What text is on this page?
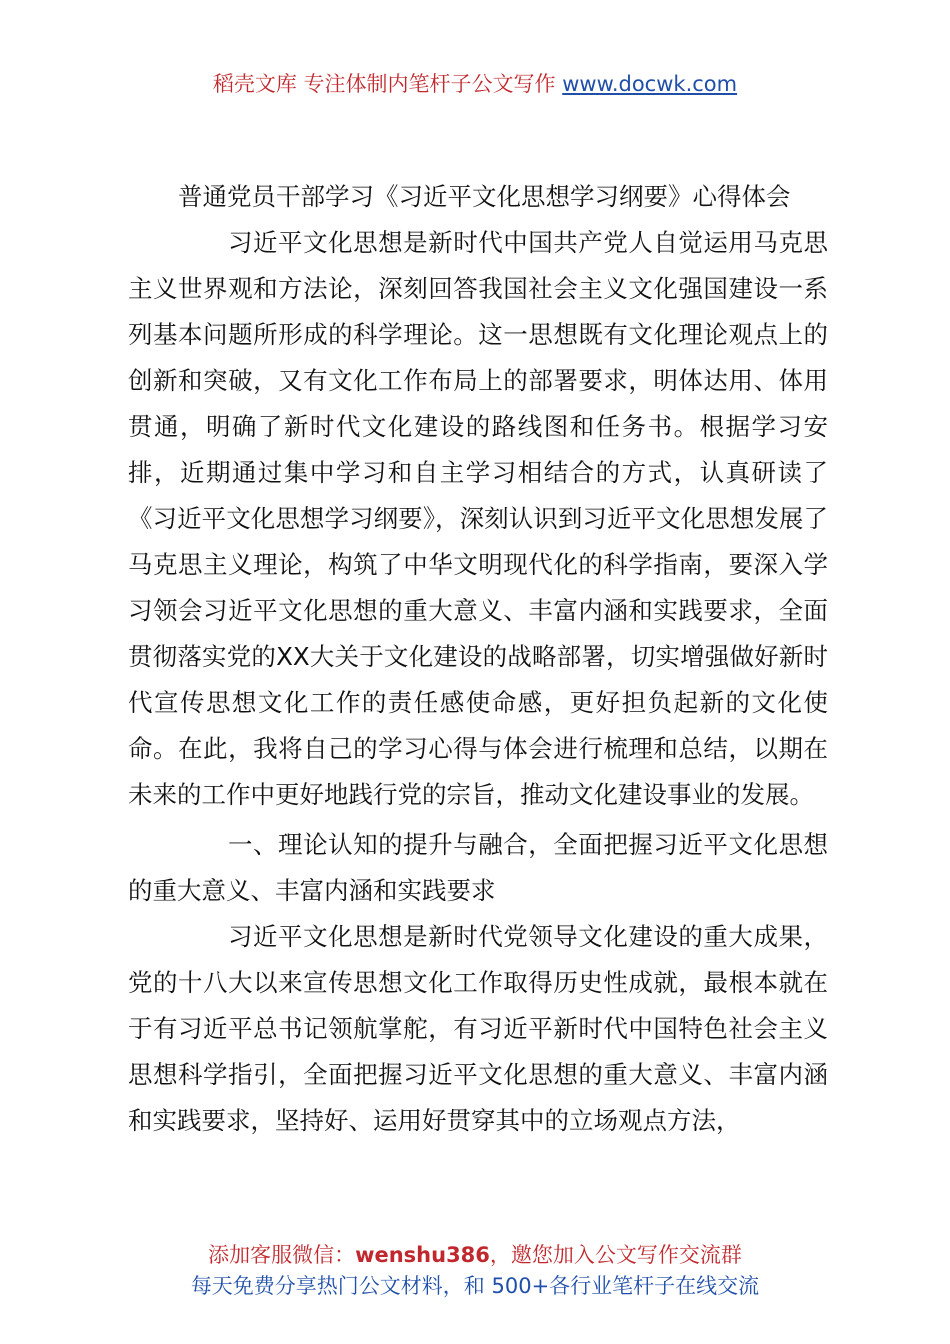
稻壳文库 专注体制内笔杆子公文写作 www.docwk.com

普通党员干部学习《习近平文化思想学习纲要》心得体会

习近平文化思想是新时代中国共产党人自觉运用马克思主义世界观和方法论，深刻回答我国社会主义文化强国建设一系列基本问题所形成的科学理论。这一思想既有文化理论观点上的创新和突破，又有文化工作布局上的部署要求，明体达用、体用贯通，明确了新时代文化建设的路线图和任务书。根据学习安排，近期通过集中学习和自主学习相结合的方式，认真研读了《习近平文化思想学习纲要》，深刻认识到习近平文化思想发展了马克思主义理论，构筑了中华文明现代化的科学指南，要深入学习领会习近平文化思想的重大意义、丰富内涵和实践要求，全面贯彻落实党的XX大关于文化建设的战略部署，切实增强做好新时代宣传思想文化工作的责任感使命感，更好担负起新的文化使命。在此，我将自己的学习心得与体会进行梳理和总结，以期在未来的工作中更好地践行党的宗旨，推动文化建设事业的发展。

一、理论认知的提升与融合，全面把握习近平文化思想的重大意义、丰富内涵和实践要求

习近平文化思想是新时代党领导文化建设的重大成果，党的十八大以来宣传思想文化工作取得历史性成就，最根本就在于有习近平总书记领航掌舵，有习近平新时代中国特色社会主义思想科学指引，全面把握习近平文化思想的重大意义、丰富内涵和实践要求，坚持好、运用好贯穿其中的立场观点方法，

添加客服微信：wenshu386，邀您加入公文写作交流群
每天免费分享热门公文材料，和 500+各行业笔杆子在线交流
